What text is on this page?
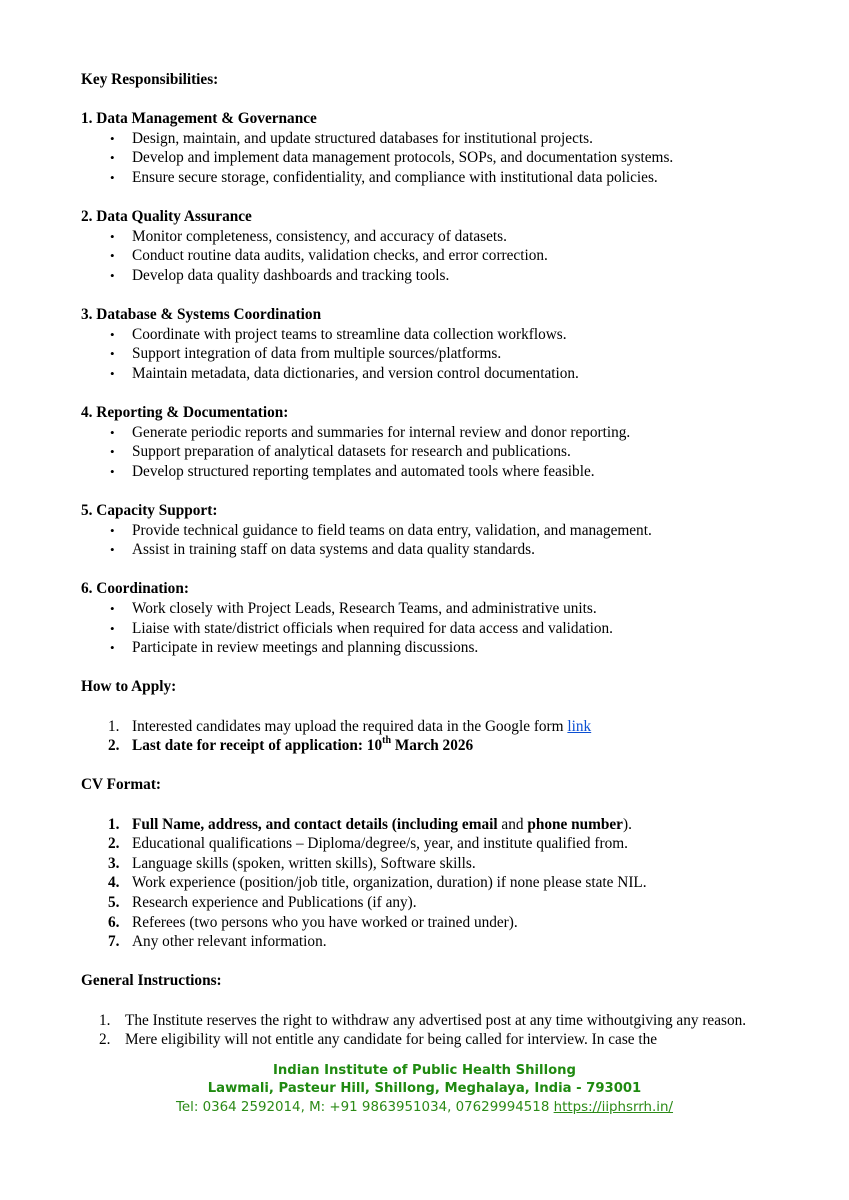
Key Responsibilities:

1. Data Management & Governance

• Design, maintain, and update structured databases for institutional projects.
• Develop and implement data management protocols, SOPs, and documentation systems.
• Ensure secure storage, confidentiality, and compliance with institutional data policies.

2. Data Quality Assurance

• Monitor completeness, consistency, and accuracy of datasets.
• Conduct routine data audits, validation checks, and error correction.
• Develop data quality dashboards and tracking tools.

3. Database & Systems Coordination

• Coordinate with project teams to streamline data collection workflows.
• Support integration of data from multiple sources/platforms.
• Maintain metadata, data dictionaries, and version control documentation.

4. Reporting & Documentation:

• Generate periodic reports and summaries for internal review and donor reporting.
• Support preparation of analytical datasets for research and publications.
• Develop structured reporting templates and automated tools where feasible.

5. Capacity Support:

• Provide technical guidance to field teams on data entry, validation, and management.
• Assist in training staff on data systems and data quality standards.

6. Coordination:

• Work closely with Project Leads, Research Teams, and administrative units.
• Liaise with state/district officials when required for data access and validation.
• Participate in review meetings and planning discussions.

How to Apply:

1. Interested candidates may upload the required data in the Google form link
2. Last date for receipt of application: 10th March 2026

CV Format:

1. Full Name, address, and contact details (including email and phone number).
2. Educational qualifications – Diploma/degree/s, year, and institute qualified from.
3. Language skills (spoken, written skills), Software skills.
4. Work experience (position/job title, organization, duration) if none please state NIL.
5. Research experience and Publications (if any).
6. Referees (two persons who you have worked or trained under).
7. Any other relevant information.

General Instructions:

1. The Institute reserves the right to withdraw any advertised post at any time withoutgiving any reason.
2. Mere eligibility will not entitle any candidate for being called for interview. In case the
Indian Institute of Public Health Shillong
Lawmali, Pasteur Hill, Shillong, Meghalaya, India - 793001
Tel: 0364 2592014, M: +91 9863951034, 07629994518 https://iiphsrrh.in/
